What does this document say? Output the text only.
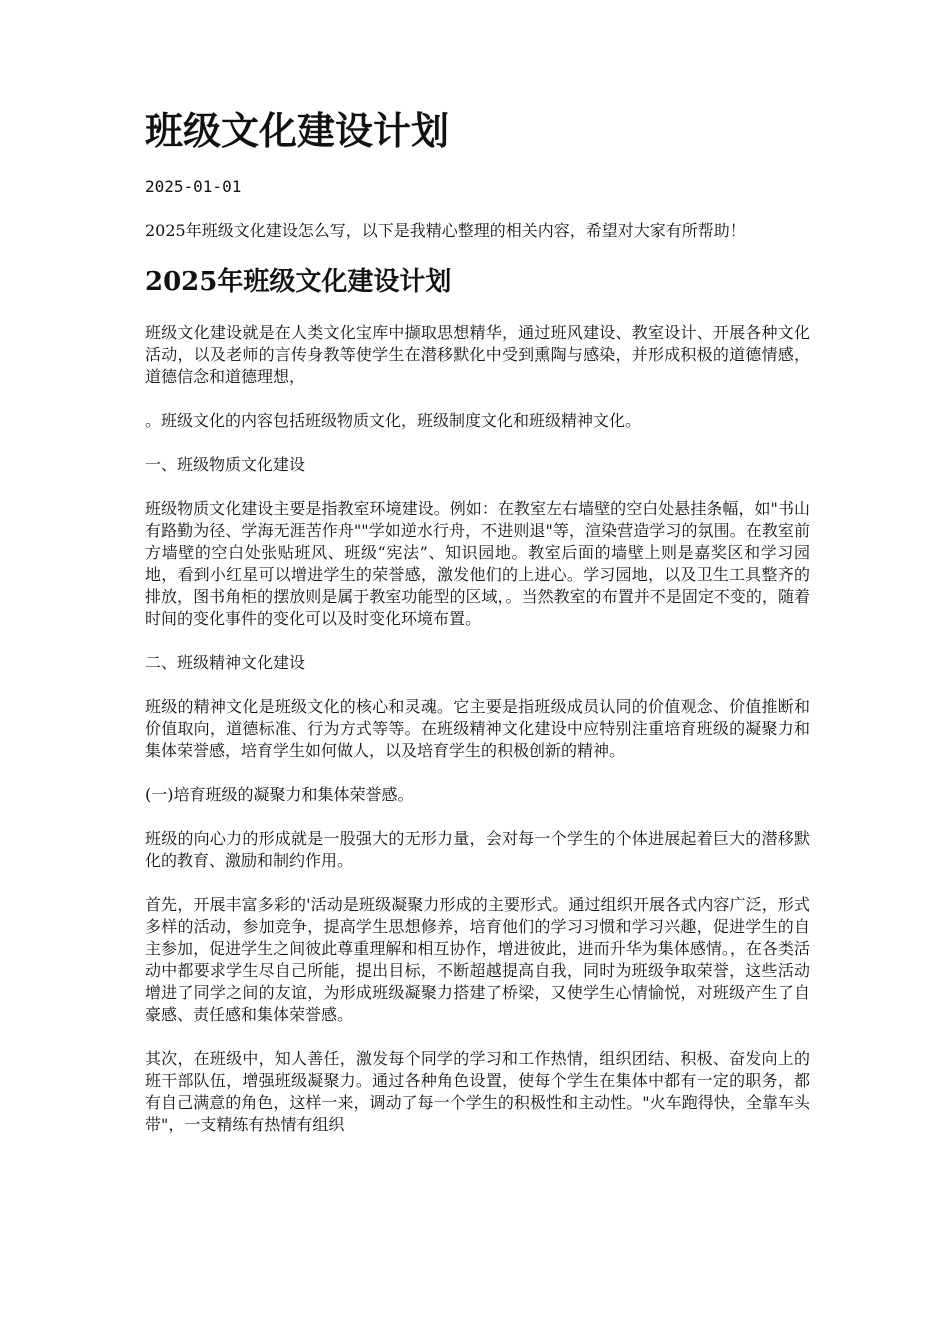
班级文化建设计划
2025-01-01

2025年班级文化建设怎么写，以下是我精心整理的相关内容，希望对大家有所帮助！

2025年班级文化建设计划

班级文化建设就是在人类文化宝库中撷取思想精华，通过班风建设、教室设计、开展各种文化活动，以及老师的言传身教等使学生在潜移默化中受到熏陶与感染，并形成积极的道德情感，道德信念和道德理想，

。班级文化的内容包括班级物质文化，班级制度文化和班级精神文化。

一、班级物质文化建设

班级物质文化建设主要是指教室环境建设。例如：在教室左右墙壁的空白处悬挂条幅，如"书山有路勤为径、学海无涯苦作舟""学如逆水行舟，不进则退"等，渲染营造学习的氛围。在教室前方墙壁的空白处张贴班风、班级“宪法”、知识园地。教室后面的墙壁上则是嘉奖区和学习园地，看到小红星可以增进学生的荣誉感，激发他们的上进心。学习园地，以及卫生工具整齐的排放，图书角柜的摆放则是属于教室功能型的区域，。当然教室的布置并不是固定不变的，随着时间的变化事件的变化可以及时变化环境布置。

二、班级精神文化建设

班级的精神文化是班级文化的核心和灵魂。它主要是指班级成员认同的价值观念、价值推断和价值取向，道德标准、行为方式等等。在班级精神文化建设中应特别注重培育班级的凝聚力和集体荣誉感，培育学生如何做人，以及培育学生的积极创新的精神。

(一)培育班级的凝聚力和集体荣誉感。

班级的向心力的形成就是一股强大的无形力量，会对每一个学生的个体进展起着巨大的潜移默化的教育、激励和制约作用。

首先，开展丰富多彩的'活动是班级凝聚力形成的主要形式。通过组织开展各式内容广泛，形式多样的活动，参加竞争，提高学生思想修养，培育他们的学习习惯和学习兴趣，促进学生的自主参加，促进学生之间彼此尊重理解和相互协作，增进彼此，进而升华为集体感情。，在各类活动中都要求学生尽自己所能，提出目标，不断超越提高自我，同时为班级争取荣誉，这些活动增进了同学之间的友谊，为形成班级凝聚力搭建了桥梁，又使学生心情愉悦，对班级产生了自豪感、责任感和集体荣誉感。

其次，在班级中，知人善任，激发每个同学的学习和工作热情，组织团结、积极、奋发向上的班干部队伍，增强班级凝聚力。通过各种角色设置，使每个学生在集体中都有一定的职务，都有自己满意的角色，这样一来，调动了每一个学生的积极性和主动性。"火车跑得快，全靠车头带"，一支精练有热情有组织
